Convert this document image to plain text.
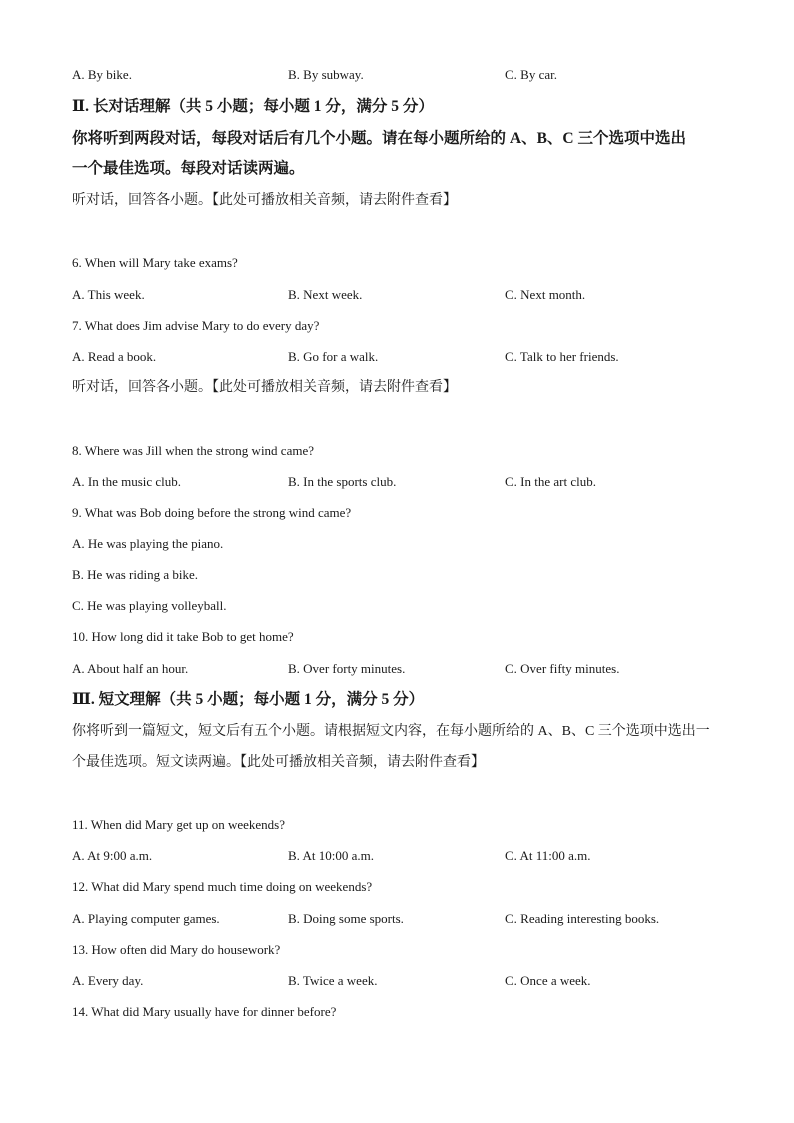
A. By bike.	B. By subway.	C. By car.
Ⅱ. 长对话理解（共 5 小题；每小题 1 分，满分 5 分）
你将听到两段对话，每段对话后有几个小题。请在每小题所给的 A、B、C 三个选项中选出
一个最佳选项。每段对话读两遍。
听对话，回答各小题。【此处可播放相关音频，请去附件查看】
6. When will Mary take exams?
A. This week.	B. Next week.	C. Next month.
7. What does Jim advise Mary to do every day?
A. Read a book.	B. Go for a walk.	C. Talk to her friends.
听对话，回答各小题。【此处可播放相关音频，请去附件查看】
8. Where was Jill when the strong wind came?
A. In the music club.	B. In the sports club.	C. In the art club.
9. What was Bob doing before the strong wind came?
A. He was playing the piano.
B. He was riding a bike.
C. He was playing volleyball.
10. How long did it take Bob to get home?
A. About half an hour.	B. Over forty minutes.	C. Over fifty minutes.
Ⅲ. 短文理解（共 5 小题；每小题 1 分，满分 5 分）
你将听到一篇短文，短文后有五个小题。请根据短文内容，在每小题所给的 A、B、C 三个选项中选出一
个最佳选项。短文读两遍。【此处可播放相关音频，请去附件查看】
11. When did Mary get up on weekends?
A. At 9:00 a.m.	B. At 10:00 a.m.	C. At 11:00 a.m.
12. What did Mary spend much time doing on weekends?
A. Playing computer games.	B. Doing some sports.	C. Reading interesting books.
13. How often did Mary do housework?
A. Every day.	B. Twice a week.	C. Once a week.
14. What did Mary usually have for dinner before?
